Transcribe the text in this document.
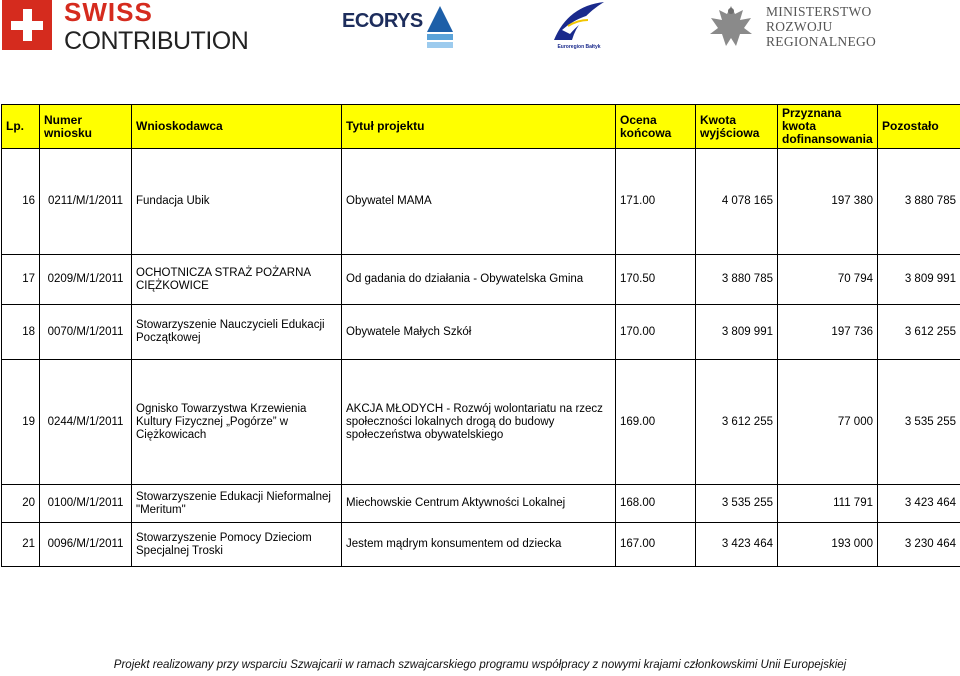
SWISS
CONTRIBUTION
ECORYS
Euroregion Bałtyk
MINISTERSTWO
ROZWOJU
REGIONALNEGO
Lp.	Numer wniosku	Wnioskodawca	Tytuł projektu	Ocena końcowa	Kwota wyjściowa	Przyznana kwota dofinansowania	Pozostało
16	0211/M/1/2011	Fundacja Ubik	Obywatel MAMA	171.00	4 078 165	197 380	3 880 785
17	0209/M/1/2011	OCHOTNICZA STRAŻ POŻARNA CIĘŻKOWICE	Od gadania do działania - Obywatelska Gmina	170.50	3 880 785	70 794	3 809 991
18	0070/M/1/2011	Stowarzyszenie Nauczycieli Edukacji Początkowej	Obywatele Małych Szkół	170.00	3 809 991	197 736	3 612 255
19	0244/M/1/2011	Ognisko Towarzystwa Krzewienia Kultury Fizycznej „Pogórze” w Ciężkowicach	AKCJA MŁODYCH - Rozwój wolontariatu na rzecz społeczności lokalnych drogą do budowy społeczeństwa obywatelskiego	169.00	3 612 255	77 000	3 535 255
20	0100/M/1/2011	Stowarzyszenie Edukacji Nieformalnej "Meritum"	Miechowskie Centrum Aktywności Lokalnej	168.00	3 535 255	111 791	3 423 464
21	0096/M/1/2011	Stowarzyszenie Pomocy Dzieciom Specjalnej Troski	Jestem mądrym konsumentem od dziecka	167.00	3 423 464	193 000	3 230 464
Projekt realizowany przy wsparciu Szwajcarii w ramach szwajcarskiego programu współpracy z nowymi krajami członkowskimi Unii Europejskiej
